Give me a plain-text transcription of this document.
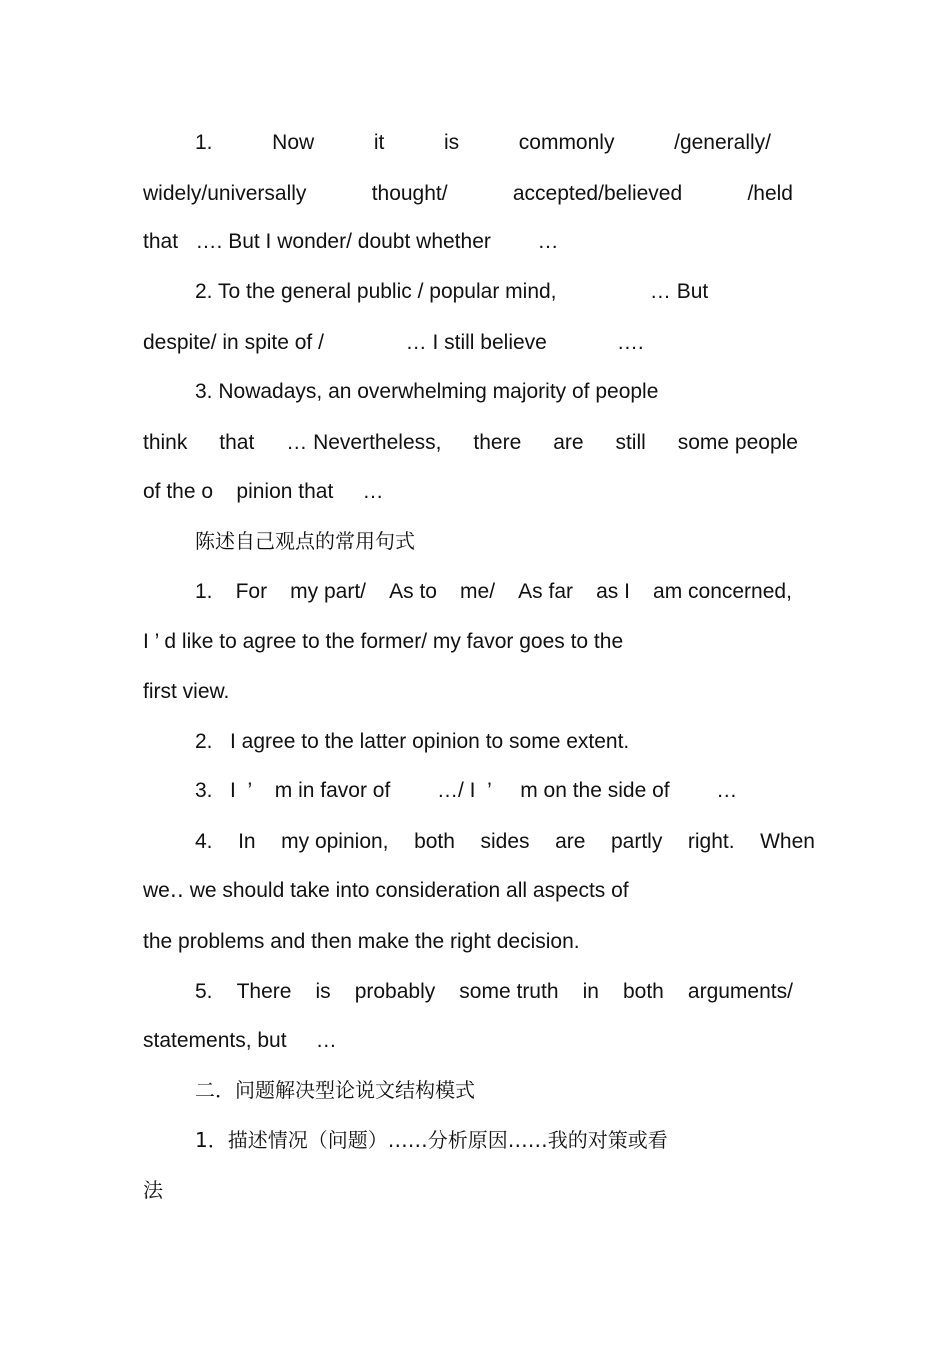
1.	Now	it	is	commonly	/generally/
widely/universally	thought/	accepted/believed	/held
that   …. But I wonder/ doubt whether        …
2. To the general public / popular mind,                … But
despite/ in spite of /              … I still believe            ….
3. Nowadays, an overwhelming majority of people
think that … Nevertheless, there are still some people
of the o    pinion that     …
陈述自己观点的常用句式
1. For my part/ As to me/ As far as I am concerned,
I ’ d like to agree to the former/ my favor goes to the
first view.
2.   I agree to the latter opinion to some extent.
3.   I  ’    m in favor of        …/ I  ’     m on the side of        …
4. In my opinion, both sides are partly right. When
we‥ we should take into consideration all aspects of
the problems and then make the right decision.
5. There is probably some truth in both arguments/
statements, but     …
二．问题解决型论说文结构模式
1．描述情况（问题）……分析原因……我的对策或看
法
